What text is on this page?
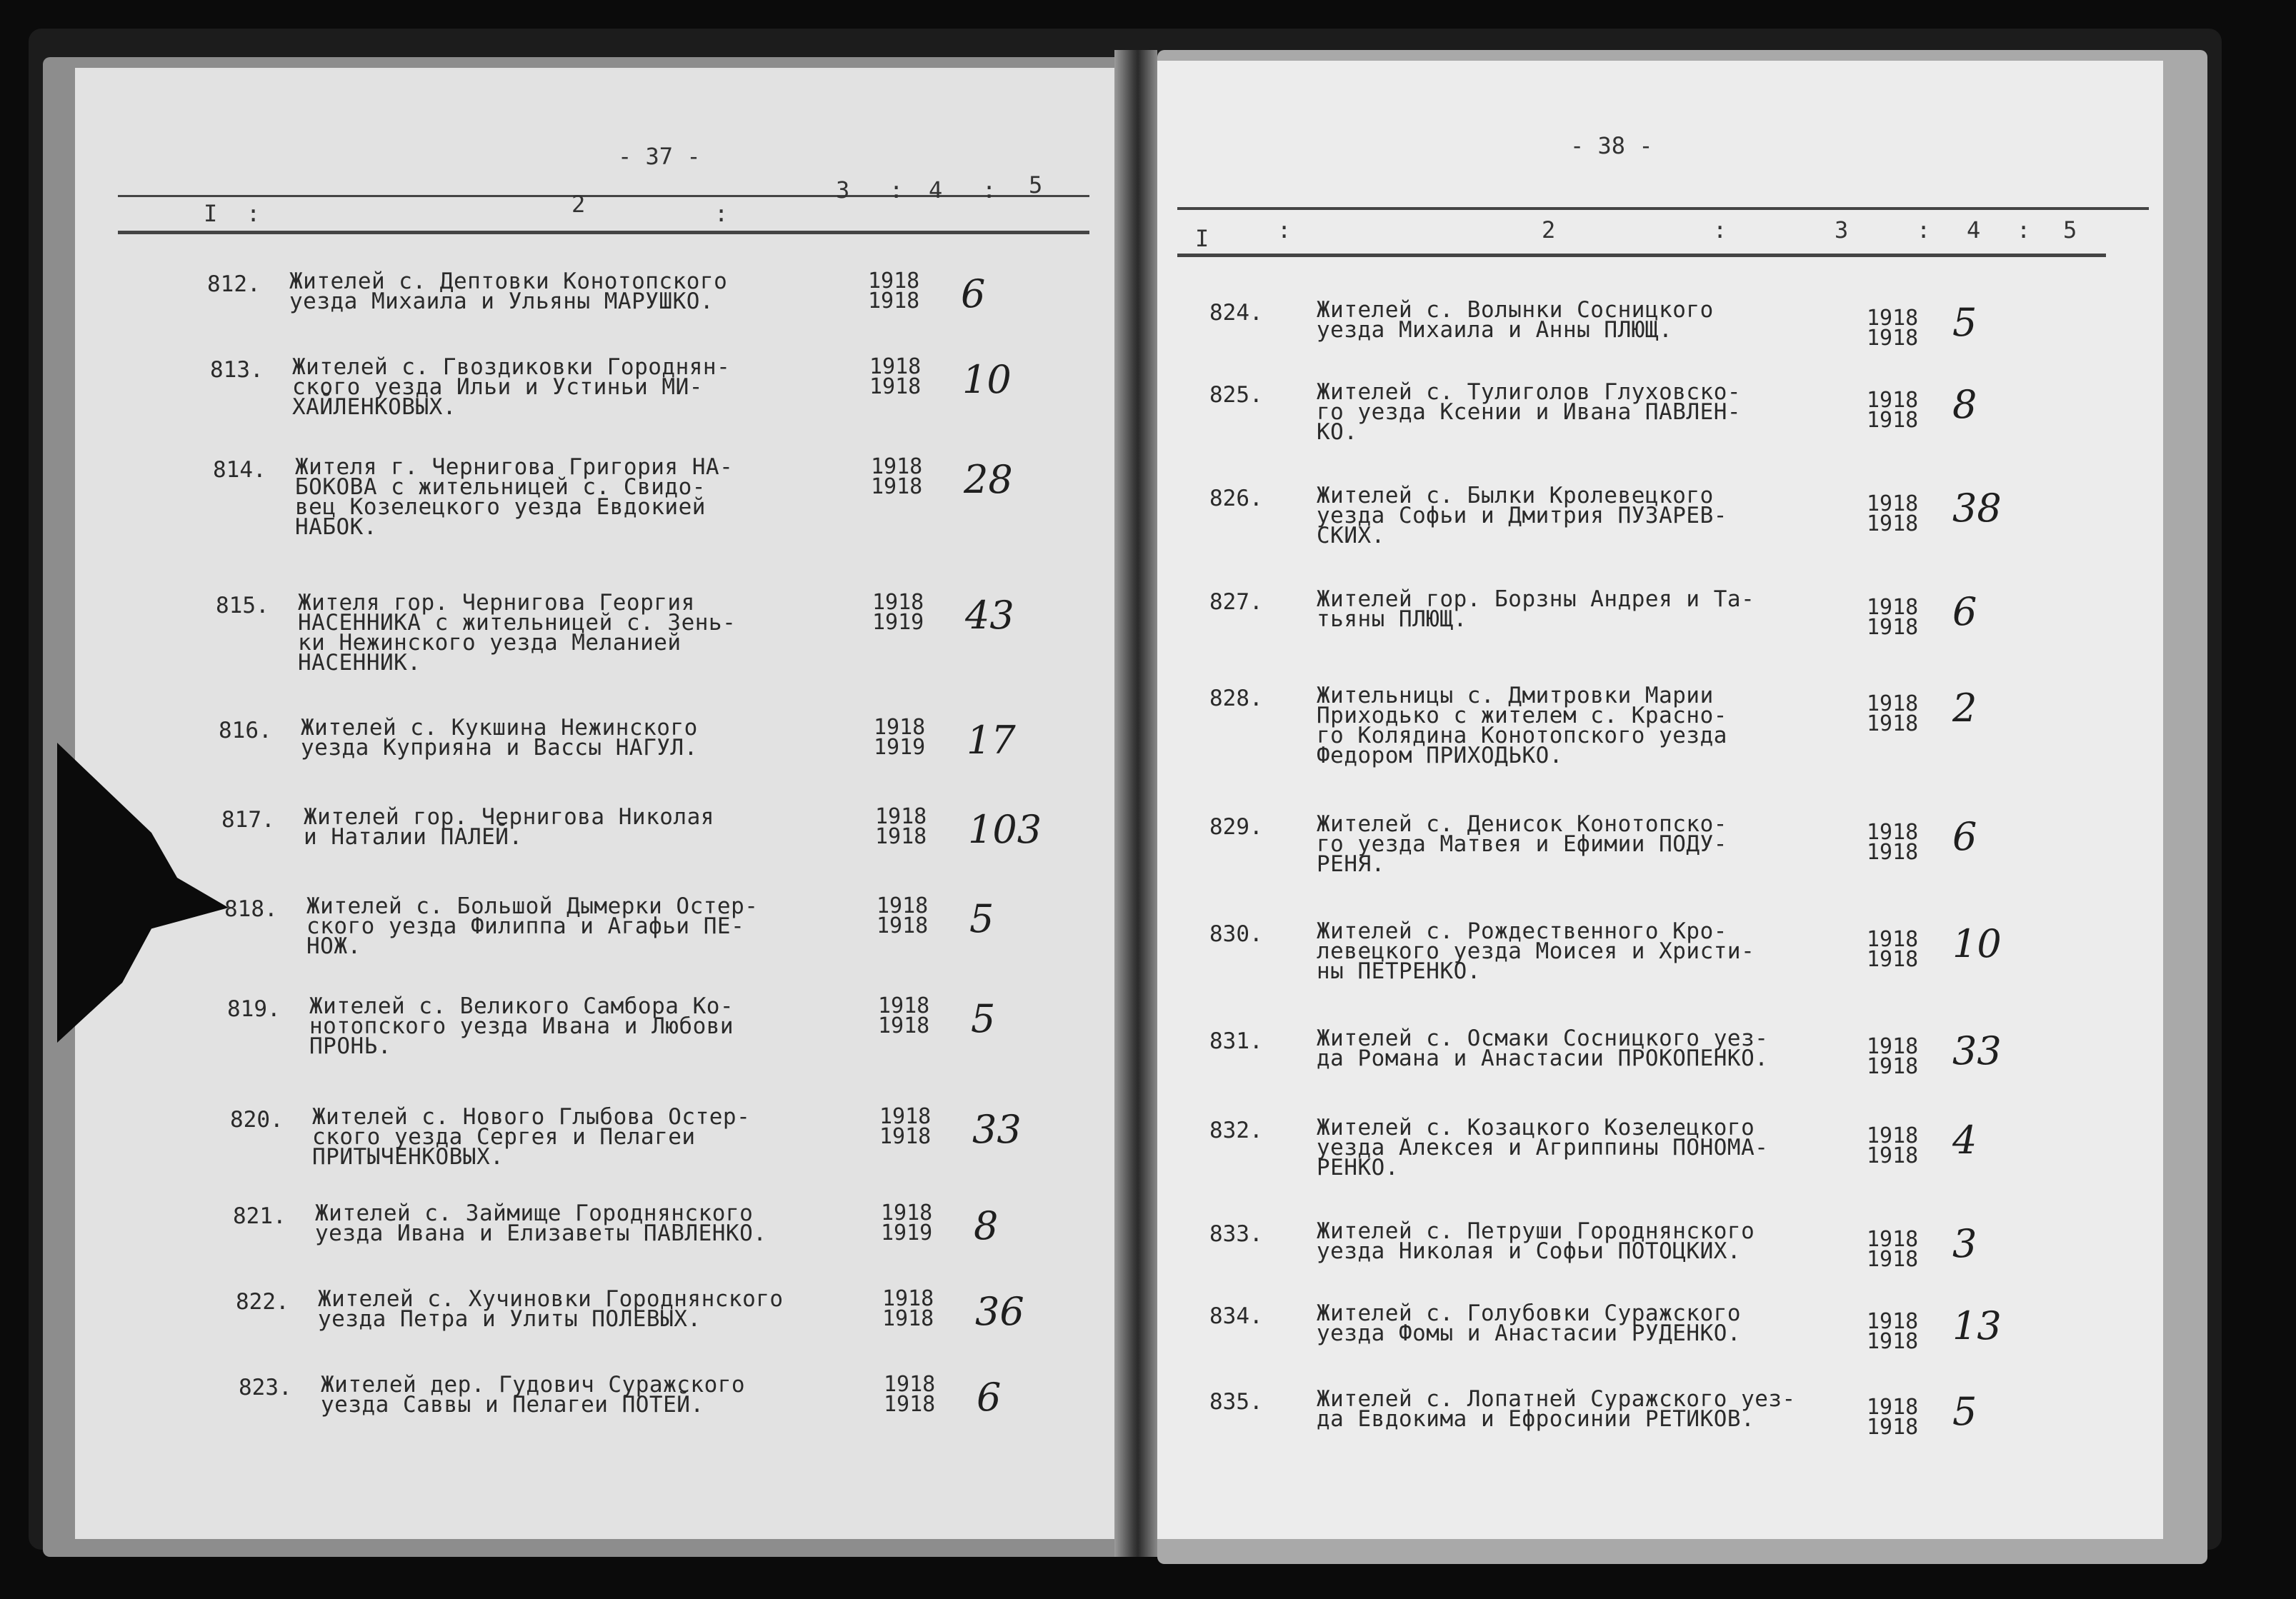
- 37 -
I :	2	:
3 : 4 : 5
812. Жителей с. Дептовки Конотопского
уезда Михаила и Ульяны МАРУШКО.
1918
1918 6
813. Жителей с. Гвоздиковки Городнян-
ского уезда Ильи и Устиньи МИ-
ХАЙЛЕНКОВЫХ.
1918
1918 10
814. Жителя г. Чернигова Григория НА-
БОКОВА с жительницей с. Свидо-
вец Козелецкого уезда Евдокией
НАБОК.
1918
1918 28
815. Жителя гор. Чернигова Георгия
НАСЕННИКА с жительницей с. Зень-
ки Нежинского уезда Меланией
НАСЕННИК.
1918
1919 43
816. Жителей с. Кукшина Нежинского
уезда Куприяна и Вассы НАГУЛ.
1918
1919 17
817. Жителей гор. Чернигова Николая
и Наталии ПАЛЕЙ.
1918
1918 103
818. Жителей с. Большой Дымерки Остер-
ского уезда Филиппа и Агафьи ПЕ-
НОЖ.
1918
1918 5
819. Жителей с. Великого Самбора Ко-
нотопского уезда Ивана и Любови
ПРОНЬ.
1918
1918 5
820. Жителей с. Нового Глыбова Остер-
ского уезда Сергея и Пелагеи
ПРИТЫЧЕНКОВЫХ.
1918
1918 33
821. Жителей с. Займище Городнянского
уезда Ивана и Елизаветы ПАВЛЕНКО.
1918
1919 8
822. Жителей с. Хучиновки Городнянского
уезда Петра и Улиты ПОЛЕВЫХ.
1918
1918 36
823. Жителей дер. Гудович Суражского
уезда Саввы и Пелагеи ПОТЕЙ.
1918
1918 6
- 38 -
I	:	2	:	3	: 4 : 5
824. Жителей с. Волынки Сосницкого
уезда Михаила и Анны ПЛЮЩ.	1918
1918 5
825. Жителей с. Тулиголов Глуховско-
го уезда Ксении и Ивана ПАВЛЕН-
КО.
1918
1918 8
826. Жителей с. Былки Кролевецкого
уезда Софьи и Дмитрия ПУЗАРЕВ-
СКИХ.
1918
1918 38
827. Жителей гор. Борзны Андрея и Та-
тьяны ПЛЮЩ.	1918
1918 6
828. Жительницы с. Дмитровки Марии
Приходько с жителем с. Красно-
го Колядина Конотопского уезда
Федором ПРИХОДЬКО.
1918
1918 2
829. Жителей с. Денисок Конотопско-
го уезда Матвея и Ефимии ПОДУ-
РЕНЯ.
1918
1918 6
830. Жителей с. Рождественного Кро-
левецкого уезда Моисея и Христи-
ны ПЕТРЕНКО.
1918
1918 10
831. Жителей с. Осмаки Сосницкого уез-
да Романа и Анастасии ПРОКОПЕНКО.	1918
1918 33
832. Жителей с. Козацкого Козелецкого
уезда Алексея и Агриппины ПОНОМА-
РЕНКО.
1918
1918 4
833. Жителей с. Петруши Городнянского
уезда Николая и Софьи ПОТОЦКИХ.	1918
1918 3
834. Жителей с. Голубовки Суражского
уезда Фомы и Анастасии РУДЕНКО.	1918
1918 13
835. Жителей с. Лопатней Суражского уез-
да Евдокима и Ефросинии РЕТИКОВ.	1918
1918 5
